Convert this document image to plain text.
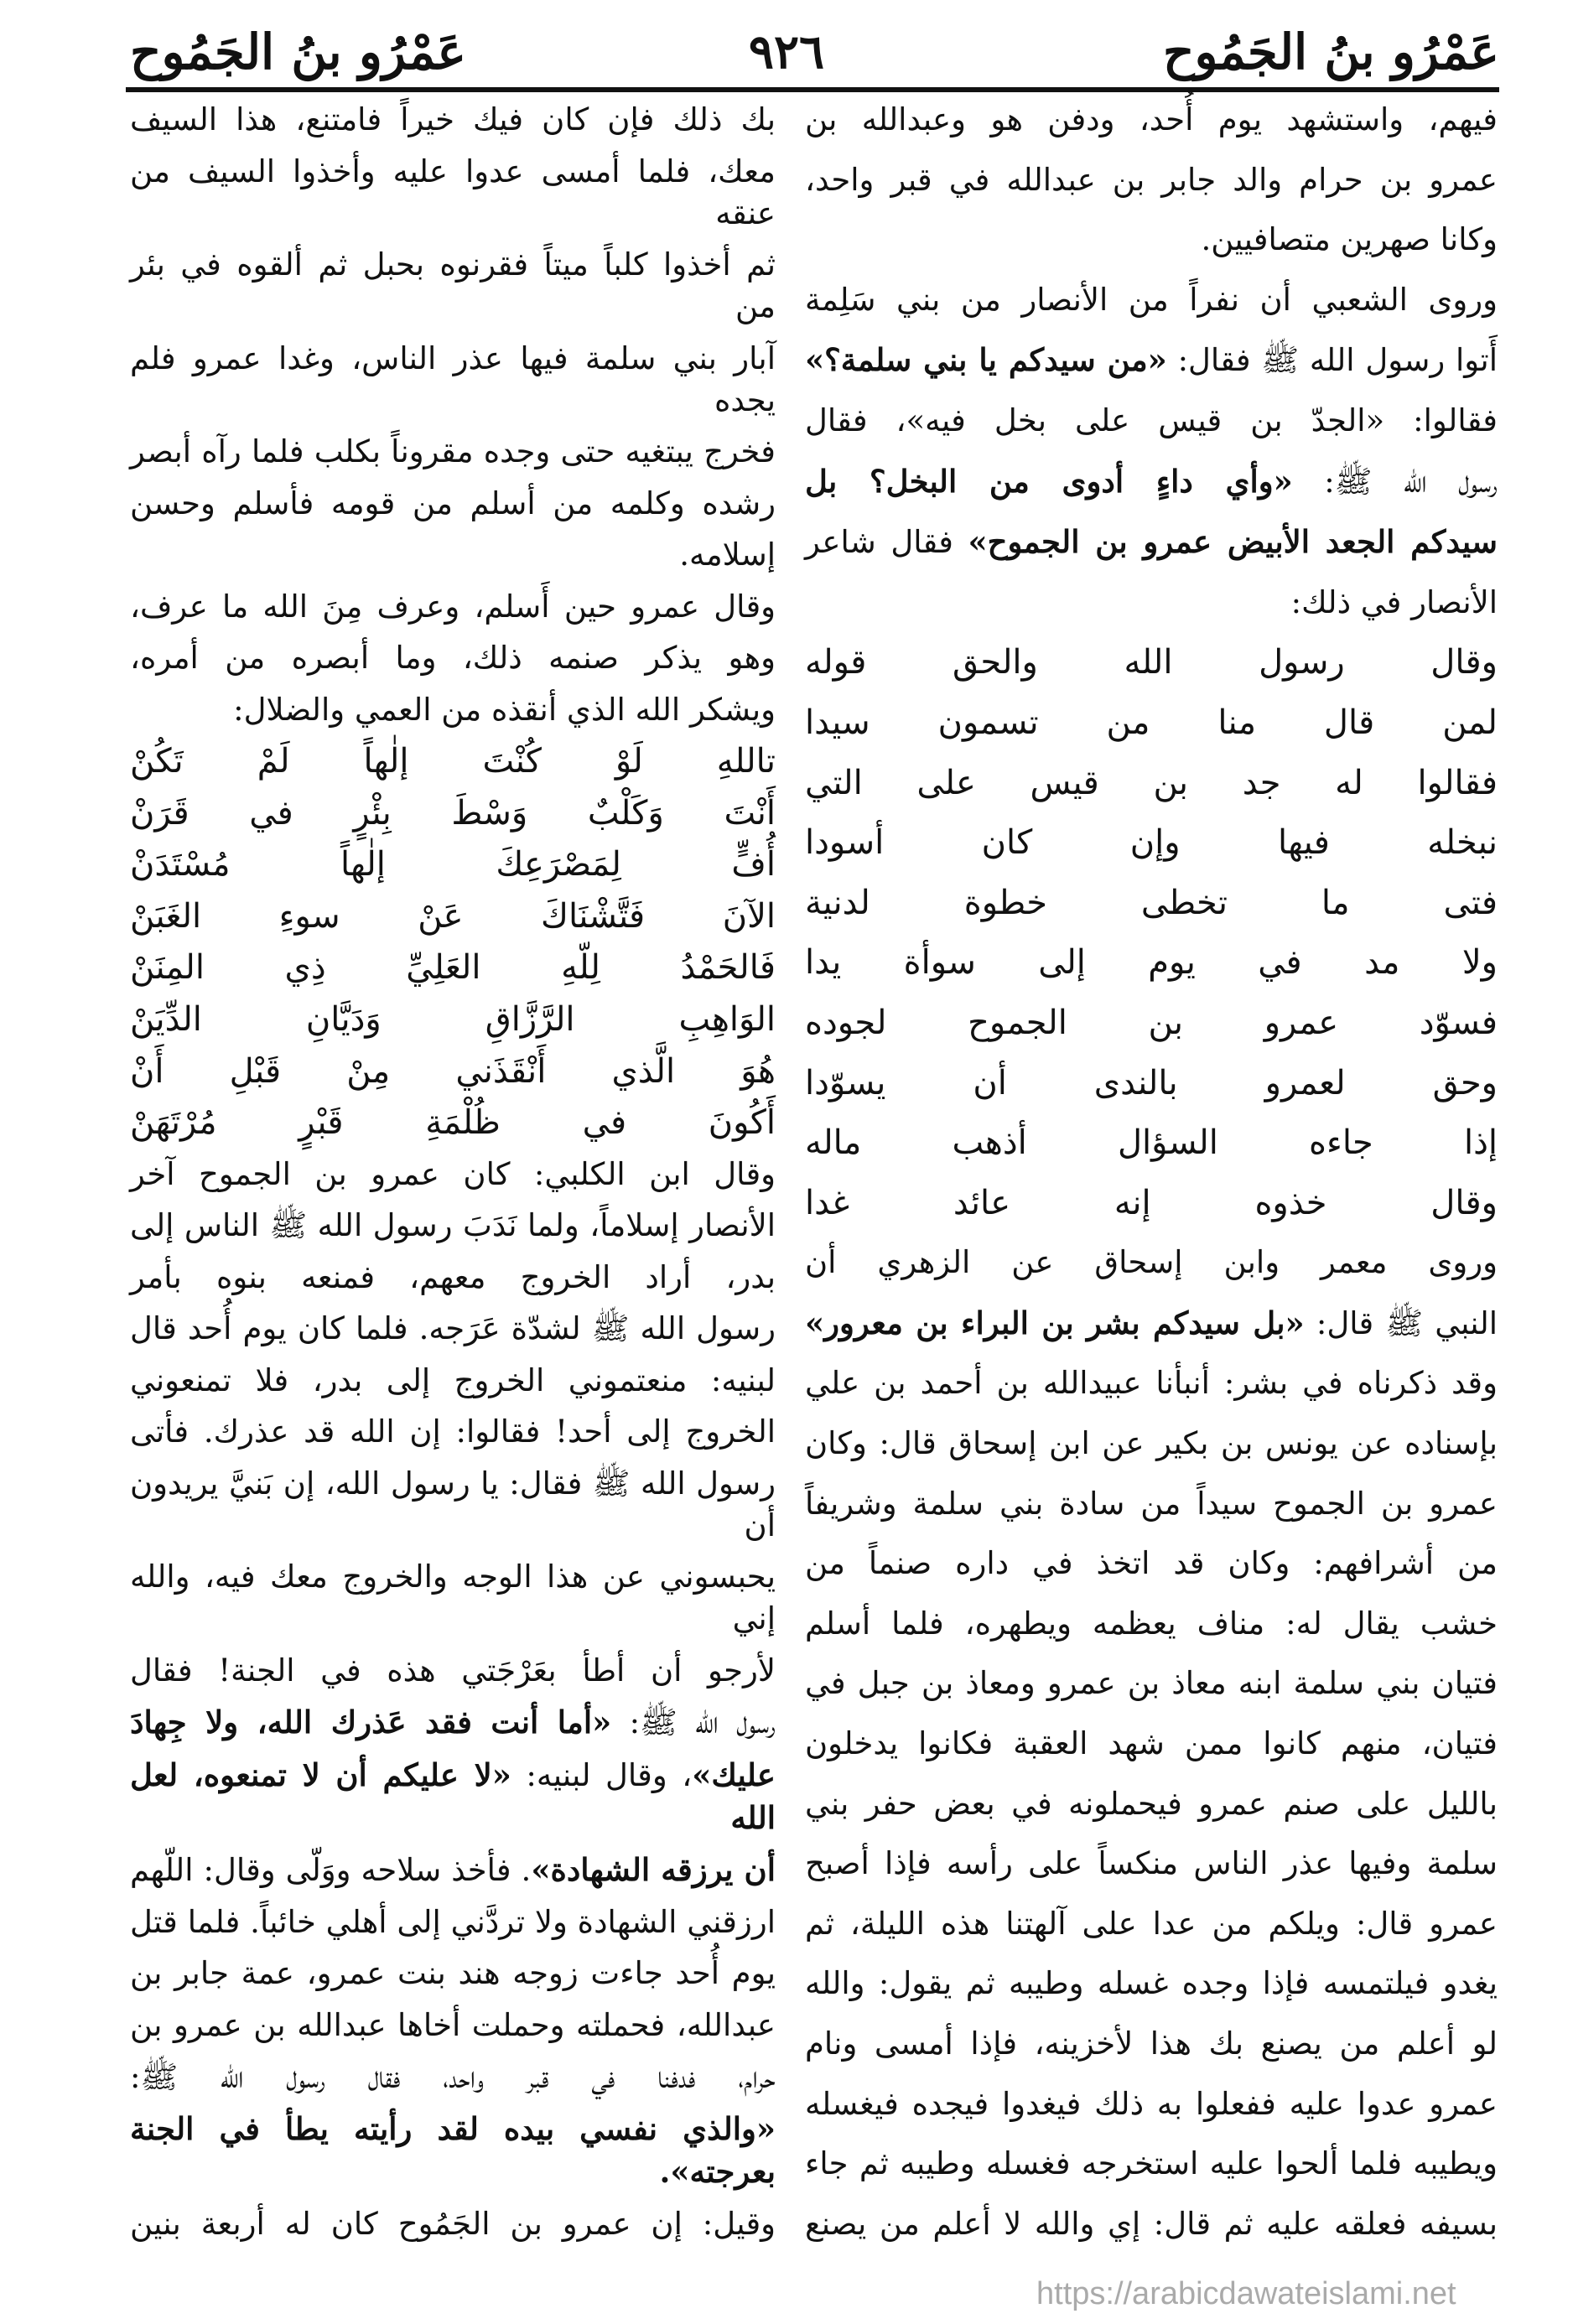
عَمْرُو بنُ الجَمُوح
٩٢٦
عَمْرُو بنُ الجَمُوح
فيهم، واستشهد يوم أُحد، ودفن هو وعبدالله بن
عمرو بن حرام والد جابر بن عبدالله في قبر واحد،
وكانا صهرين متصافيين.
وروى الشعبي أن نفراً من الأنصار من بني سَلِمة
أَتوا رسول الله ﷺ فقال: «من سيدكم يا بني سلمة؟»
فقالوا: «الجدّ بن قيس على بخل فيه»، فقال
رسول الله ﷺ: «وأي داءٍ أدوى من البخل؟ بل
سيدكم الجعد الأبيض عمرو بن الجموح» فقال شاعر
الأنصار في ذلك:
وقال رسول الله والحق قوله
لمن قال منا من تسمون سيدا
فقالوا له جد بن قيس على التي
نبخله فيها وإن كان أسودا
فتى ما تخطى خطوة لدنية
ولا مد في يوم إلى سوأة يدا
فسوّد عمرو بن الجموح لجوده
وحق لعمرو بالندى أن يسوّدا
إذا جاءه السؤال أذهب ماله
وقال خذوه إنه عائد غدا
وروى معمر وابن إسحاق عن الزهري أن
النبي ﷺ قال: «بل سيدكم بشر بن البراء بن معرور»
وقد ذكرناه في بشر: أنبأنا عبيدالله بن أحمد بن علي
بإسناده عن يونس بن بكير عن ابن إسحاق قال: وكان
عمرو بن الجموح سيداً من سادة بني سلمة وشريفاً
من أشرافهم: وكان قد اتخذ في داره صنماً من
خشب يقال له: مناف يعظمه ويطهره، فلما أسلم
فتيان بني سلمة ابنه معاذ بن عمرو ومعاذ بن جبل في
فتيان، منهم كانوا ممن شهد العقبة فكانوا يدخلون
بالليل على صنم عمرو فيحملونه في بعض حفر بني
سلمة وفيها عذر الناس منكساً على رأسه فإذا أصبح
عمرو قال: ويلكم من عدا على آلهتنا هذه الليلة، ثم
يغدو فيلتمسه فإذا وجده غسله وطيبه ثم يقول: والله
لو أعلم من يصنع بك هذا لأخزينه، فإذا أمسى ونام
عمرو عدوا عليه ففعلوا به ذلك فيغدوا فيجده فيغسله
ويطيبه فلما ألحوا عليه استخرجه فغسله وطيبه ثم جاء
بسيفه فعلقه عليه ثم قال: إي والله لا أعلم من يصنع
بك ذلك فإن كان فيك خيراً فامتنع، هذا السيف
معك، فلما أمسى عدوا عليه وأخذوا السيف من عنقه
ثم أخذوا كلباً ميتاً فقرنوه بحبل ثم ألقوه في بئر من
آبار بني سلمة فيها عذر الناس، وغدا عمرو فلم يجده
فخرج يبتغيه حتى وجده مقروناً بكلب فلما رآه أبصر
رشده وكلمه من أسلم من قومه فأسلم وحسن
إسلامه.
وقال عمرو حين أَسلم، وعرف مِنَ الله ما عرف،
وهو يذكر صنمه ذلك، وما أبصره من أمره،
ويشكر الله الذي أنقذه من العمي والضلال:
تاللهِ لَوْ كُنْتَ إلٰهاً لَمْ تَكُنْ
أَنْتَ وَكَلْبٌ وَسْطَ بِئْرٍ في قَرَنْ
أُفٍّ لِمَصْرَعِكَ إلٰهاً مُسْتَدَنْ
الآنَ فَتَّشْنَاكَ عَنْ سوءِ الغَبَنْ
فَالحَمْدُ لِلّهِ العَلِيِّ ذِي المِنَنْ
الوَاهِبِ الرَّزَّاقِ وَدَيَّانِ الدِّيَنْ
هُوَ الَّذي أَنْقَذَني مِنْ قَبْلِ أَنْ
أَكُونَ في ظُلْمَةِ قَبْرٍ مُرْتَهَنْ
وقال ابن الكلبي: كان عمرو بن الجموح آخر
الأنصار إسلاماً، ولما نَدَبَ رسول الله ﷺ الناس إلى
بدر، أراد الخروج معهم، فمنعه بنوه بأمر
رسول الله ﷺ لشدّة عَرَجه. فلما كان يوم أُحد قال
لبنيه: منعتموني الخروج إلى بدر، فلا تمنعوني
الخروج إلى أحد! فقالوا: إن الله قد عذرك. فأتى
رسول الله ﷺ فقال: يا رسول الله، إن بَنيَّ يريدون أن
يحبسوني عن هذا الوجه والخروج معك فيه، والله إني
لأرجو أن أطأ بعَرْجَتي هذه في الجنة! فقال
رسول الله ﷺ: «أما أنت فقد عَذرك الله، ولا جِهادَ
عليك»، وقال لبنيه: «لا عليكم أن لا تمنعوه، لعل الله
أن يرزقه الشهادة». فأخذ سلاحه ووَلّى وقال: اللّهم
ارزقني الشهادة ولا تردَّني إلى أهلي خائباً. فلما قتل
يوم أُحد جاءت زوجه هند بنت عمرو، عمة جابر بن
عبدالله، فحملته وحملت أخاها عبدالله بن عمرو بن
حرام، فدفنا في قبر واحد، فقال رسول الله ﷺ:
«والذي نفسي بيده لقد رأيته يطأ في الجنة بعرجته».
وقيل: إن عمرو بن الجَمُوح كان له أربعة بنين
https://arabicdawateislami.net
